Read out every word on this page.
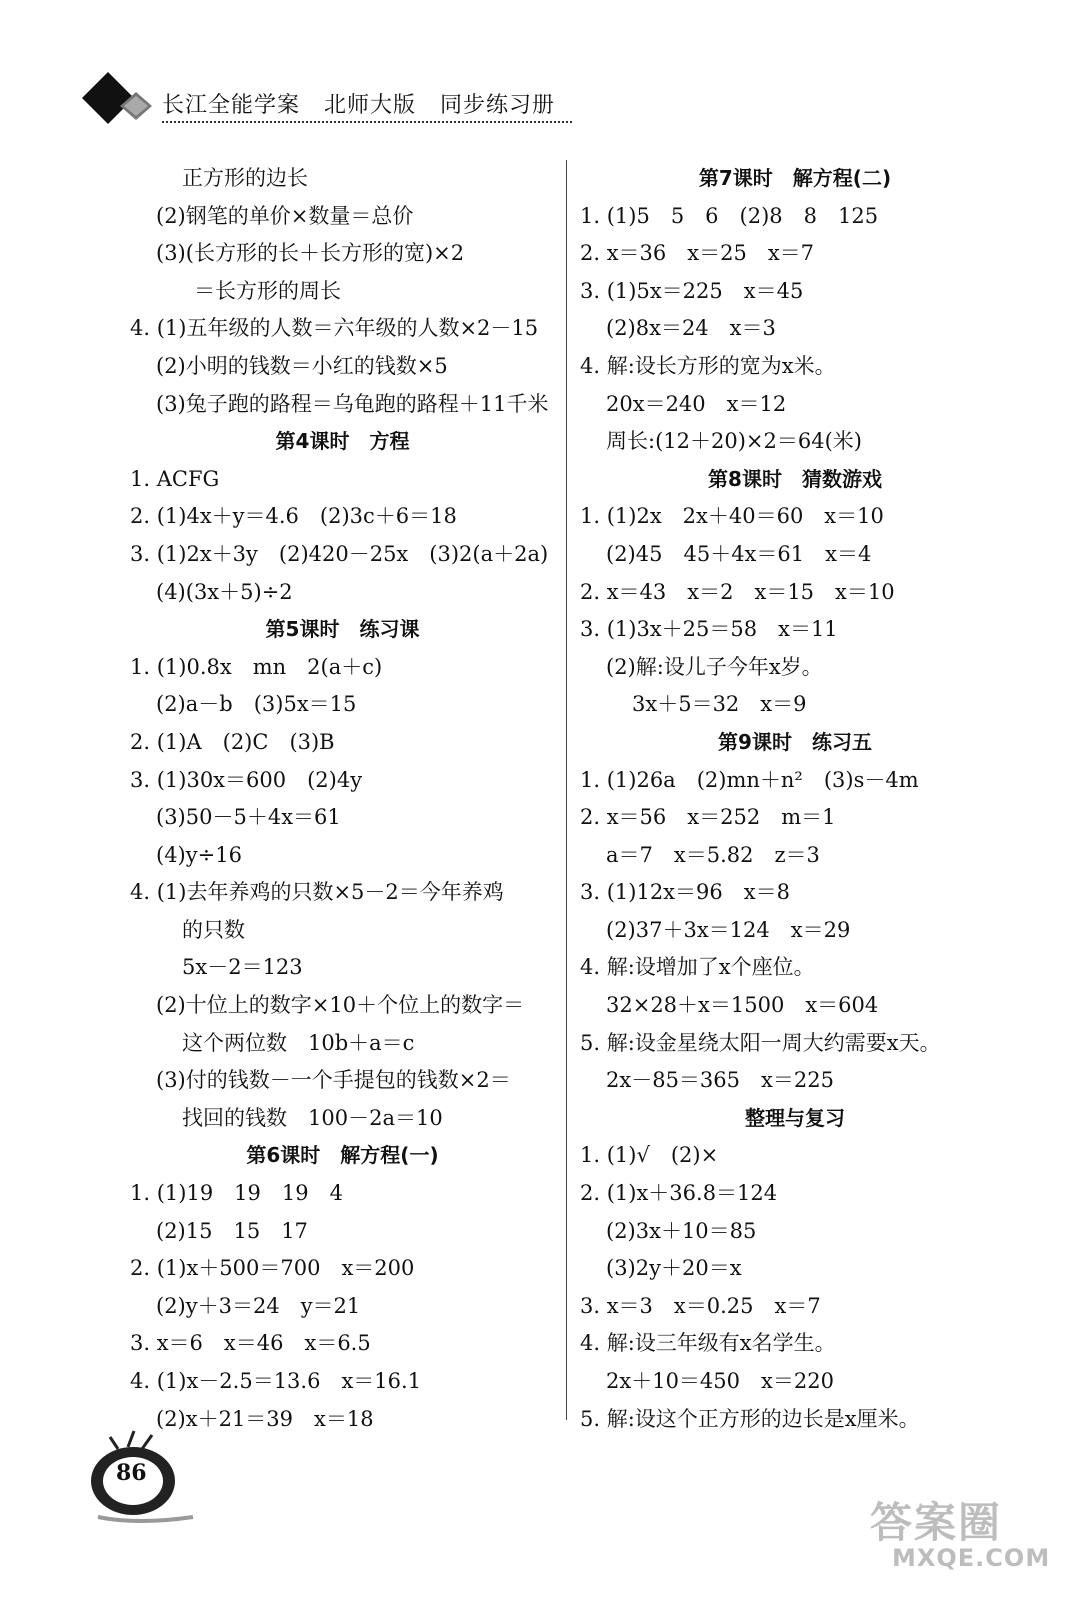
长江全能学案   北师大版   同步练习册
正方形的边长
(2)钢笔的单价×数量＝总价
(3)(长方形的长＋长方形的宽)×2
＝长方形的周长
4. (1)五年级的人数＝六年级的人数×2－15
(2)小明的钱数＝小红的钱数×5
(3)兔子跑的路程＝乌龟跑的路程＋11千米
第4课时　方程
1. ACFG
2. (1)4x＋y＝4.6　(2)3c＋6＝18
3. (1)2x＋3y　(2)420－25x　(3)2(a＋2a)
(4)(3x＋5)÷2
第5课时　练习课
1. (1)0.8x　mn　2(a＋c)
(2)a－b　(3)5x＝15
2. (1)A　(2)C　(3)B
3. (1)30x＝600　(2)4y
(3)50－5＋4x＝61
(4)y÷16
4. (1)去年养鸡的只数×5－2＝今年养鸡
的只数
5x－2＝123
(2)十位上的数字×10＋个位上的数字＝
这个两位数　10b＋a＝c
(3)付的钱数－一个手提包的钱数×2＝
找回的钱数　100－2a＝10
第6课时　解方程(一)
1. (1)19　19　19　4
(2)15　15　17
2. (1)x＋500＝700　x＝200
(2)y＋3＝24　y＝21
3. x＝6　x＝46　x＝6.5
4. (1)x－2.5＝13.6　x＝16.1
(2)x＋21＝39　x＝18
第7课时　解方程(二)
1. (1)5　5　6　(2)8　8　125
2. x＝36　x＝25　x＝7
3. (1)5x＝225　x＝45
(2)8x＝24　x＝3
4. 解:设长方形的宽为x米。
20x＝240　x＝12
周长:(12＋20)×2＝64(米)
第8课时　猜数游戏
1. (1)2x　2x＋40＝60　x＝10
(2)45　45＋4x＝61　x＝4
2. x＝43　x＝2　x＝15　x＝10
3. (1)3x＋25＝58　x＝11
(2)解:设儿子今年x岁。
3x＋5＝32　x＝9
第9课时　练习五
1. (1)26a　(2)mn＋n²　(3)s－4m
2. x＝56　x＝252　m＝1
a＝7　x＝5.82　z＝3
3. (1)12x＝96　x＝8
(2)37＋3x＝124　x＝29
4. 解:设增加了x个座位。
32×28＋x＝1500　x＝604
5. 解:设金星绕太阳一周大约需要x天。
2x－85＝365　x＝225
整理与复习
1. (1)√　(2)×
2. (1)x＋36.8＝124
(2)3x＋10＝85
(3)2y＋20＝x
3. x＝3　x＝0.25　x＝7
4. 解:设三年级有x名学生。
2x＋10＝450　x＝220
5. 解:设这个正方形的边长是x厘米。
86
答案圈
MXQE.COM
